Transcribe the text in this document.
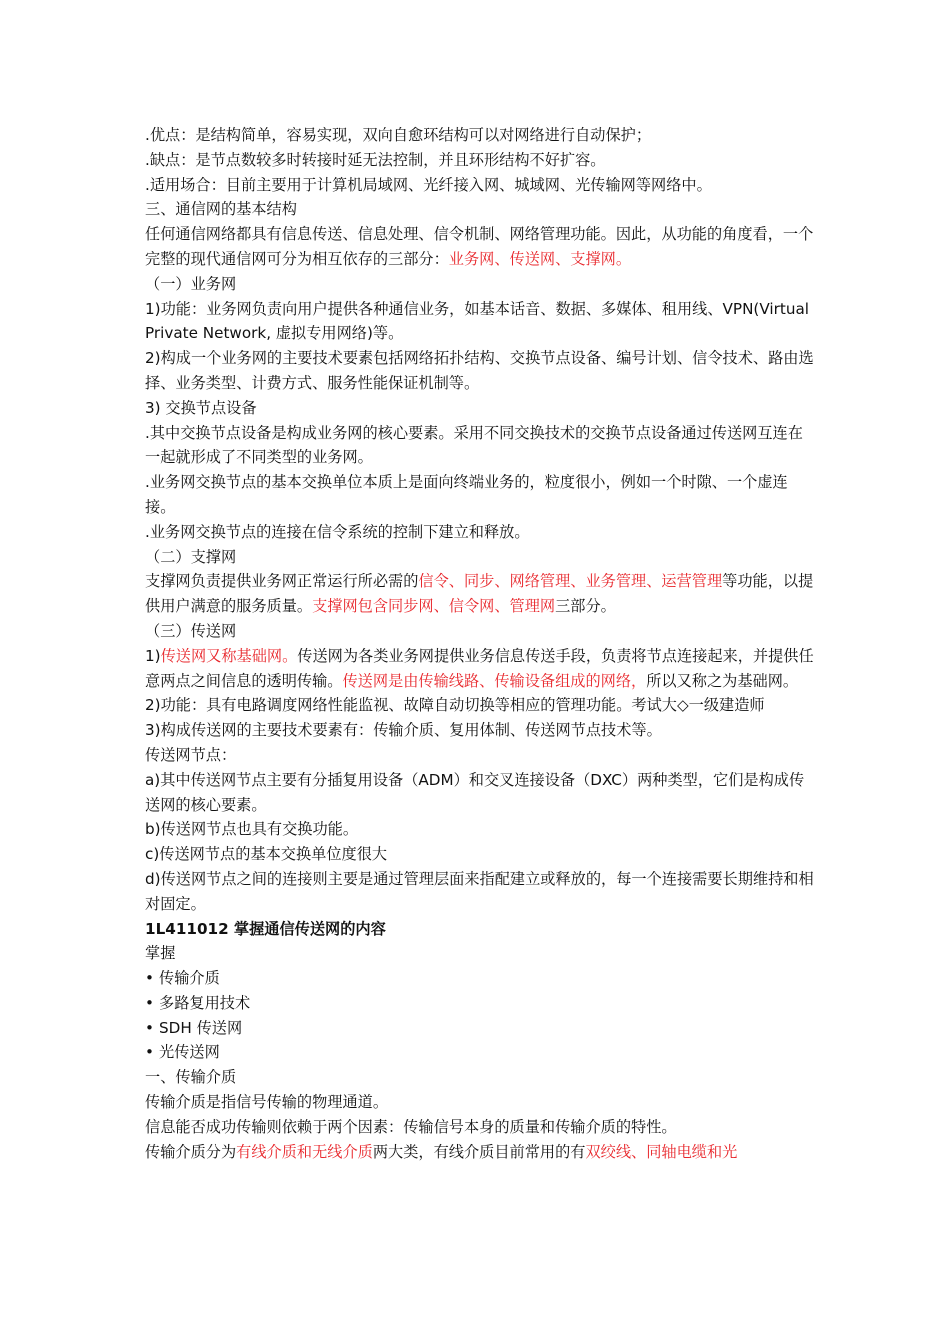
.优点：是结构简单，容易实现，双向自愈环结构可以对网络进行自动保护；

.缺点：是节点数较多时转接时延无法控制，并且环形结构不好扩容。

.适用场合：目前主要用于计算机局域网、光纤接入网、城域网、光传输网等网络中。

三、通信网的基本结构

任何通信网络都具有信息传送、信息处理、信令机制、网络管理功能。因此，从功能的角度看，一个完整的现代通信网可分为相互依存的三部分：业务网、传送网、支撑网。

（一）业务网

1)功能：业务网负责向用户提供各种通信业务，如基本话音、数据、多媒体、租用线、VPN(Virtual Private Network, 虚拟专用网络)等。

2)构成一个业务网的主要技术要素包括网络拓扑结构、交换节点设备、编号计划、信令技术、路由选择、业务类型、计费方式、服务性能保证机制等。

3) 交换节点设备

.其中交换节点设备是构成业务网的核心要素。采用不同交换技术的交换节点设备通过传送网互连在一起就形成了不同类型的业务网。

.业务网交换节点的基本交换单位本质上是面向终端业务的，粒度很小，例如一个时隙、一个虚连接。

.业务网交换节点的连接在信令系统的控制下建立和释放。

（二）支撑网

支撑网负责提供业务网正常运行所必需的信令、同步、网络管理、业务管理、运营管理等功能，以提供用户满意的服务质量。支撑网包含同步网、信令网、管理网三部分。

（三）传送网

1)传送网又称基础网。传送网为各类业务网提供业务信息传送手段，负责将节点连接起来，并提供任意两点之间信息的透明传输。传送网是由传输线路、传输设备组成的网络，所以又称之为基础网。

2)功能：具有电路调度网络性能监视、故障自动切换等相应的管理功能。考试大◇一级建造师

3)构成传送网的主要技术要素有：传输介质、复用体制、传送网节点技术等。

传送网节点：

a)其中传送网节点主要有分插复用设备（ADM）和交叉连接设备（DXC）两种类型，它们是构成传送网的核心要素。

b)传送网节点也具有交换功能。

c)传送网节点的基本交换单位度很大

d)传送网节点之间的连接则主要是通过管理层面来指配建立或释放的，每一个连接需要长期维持和相对固定。

1L411012 掌握通信传送网的内容

掌握

• 传输介质
• 多路复用技术
• SDH 传送网
• 光传送网

一、传输介质

传输介质是指信号传输的物理通道。

信息能否成功传输则依赖于两个因素：传输信号本身的质量和传输介质的特性。

传输介质分为有线介质和无线介质两大类，有线介质目前常用的有双绞线、同轴电缆和光
